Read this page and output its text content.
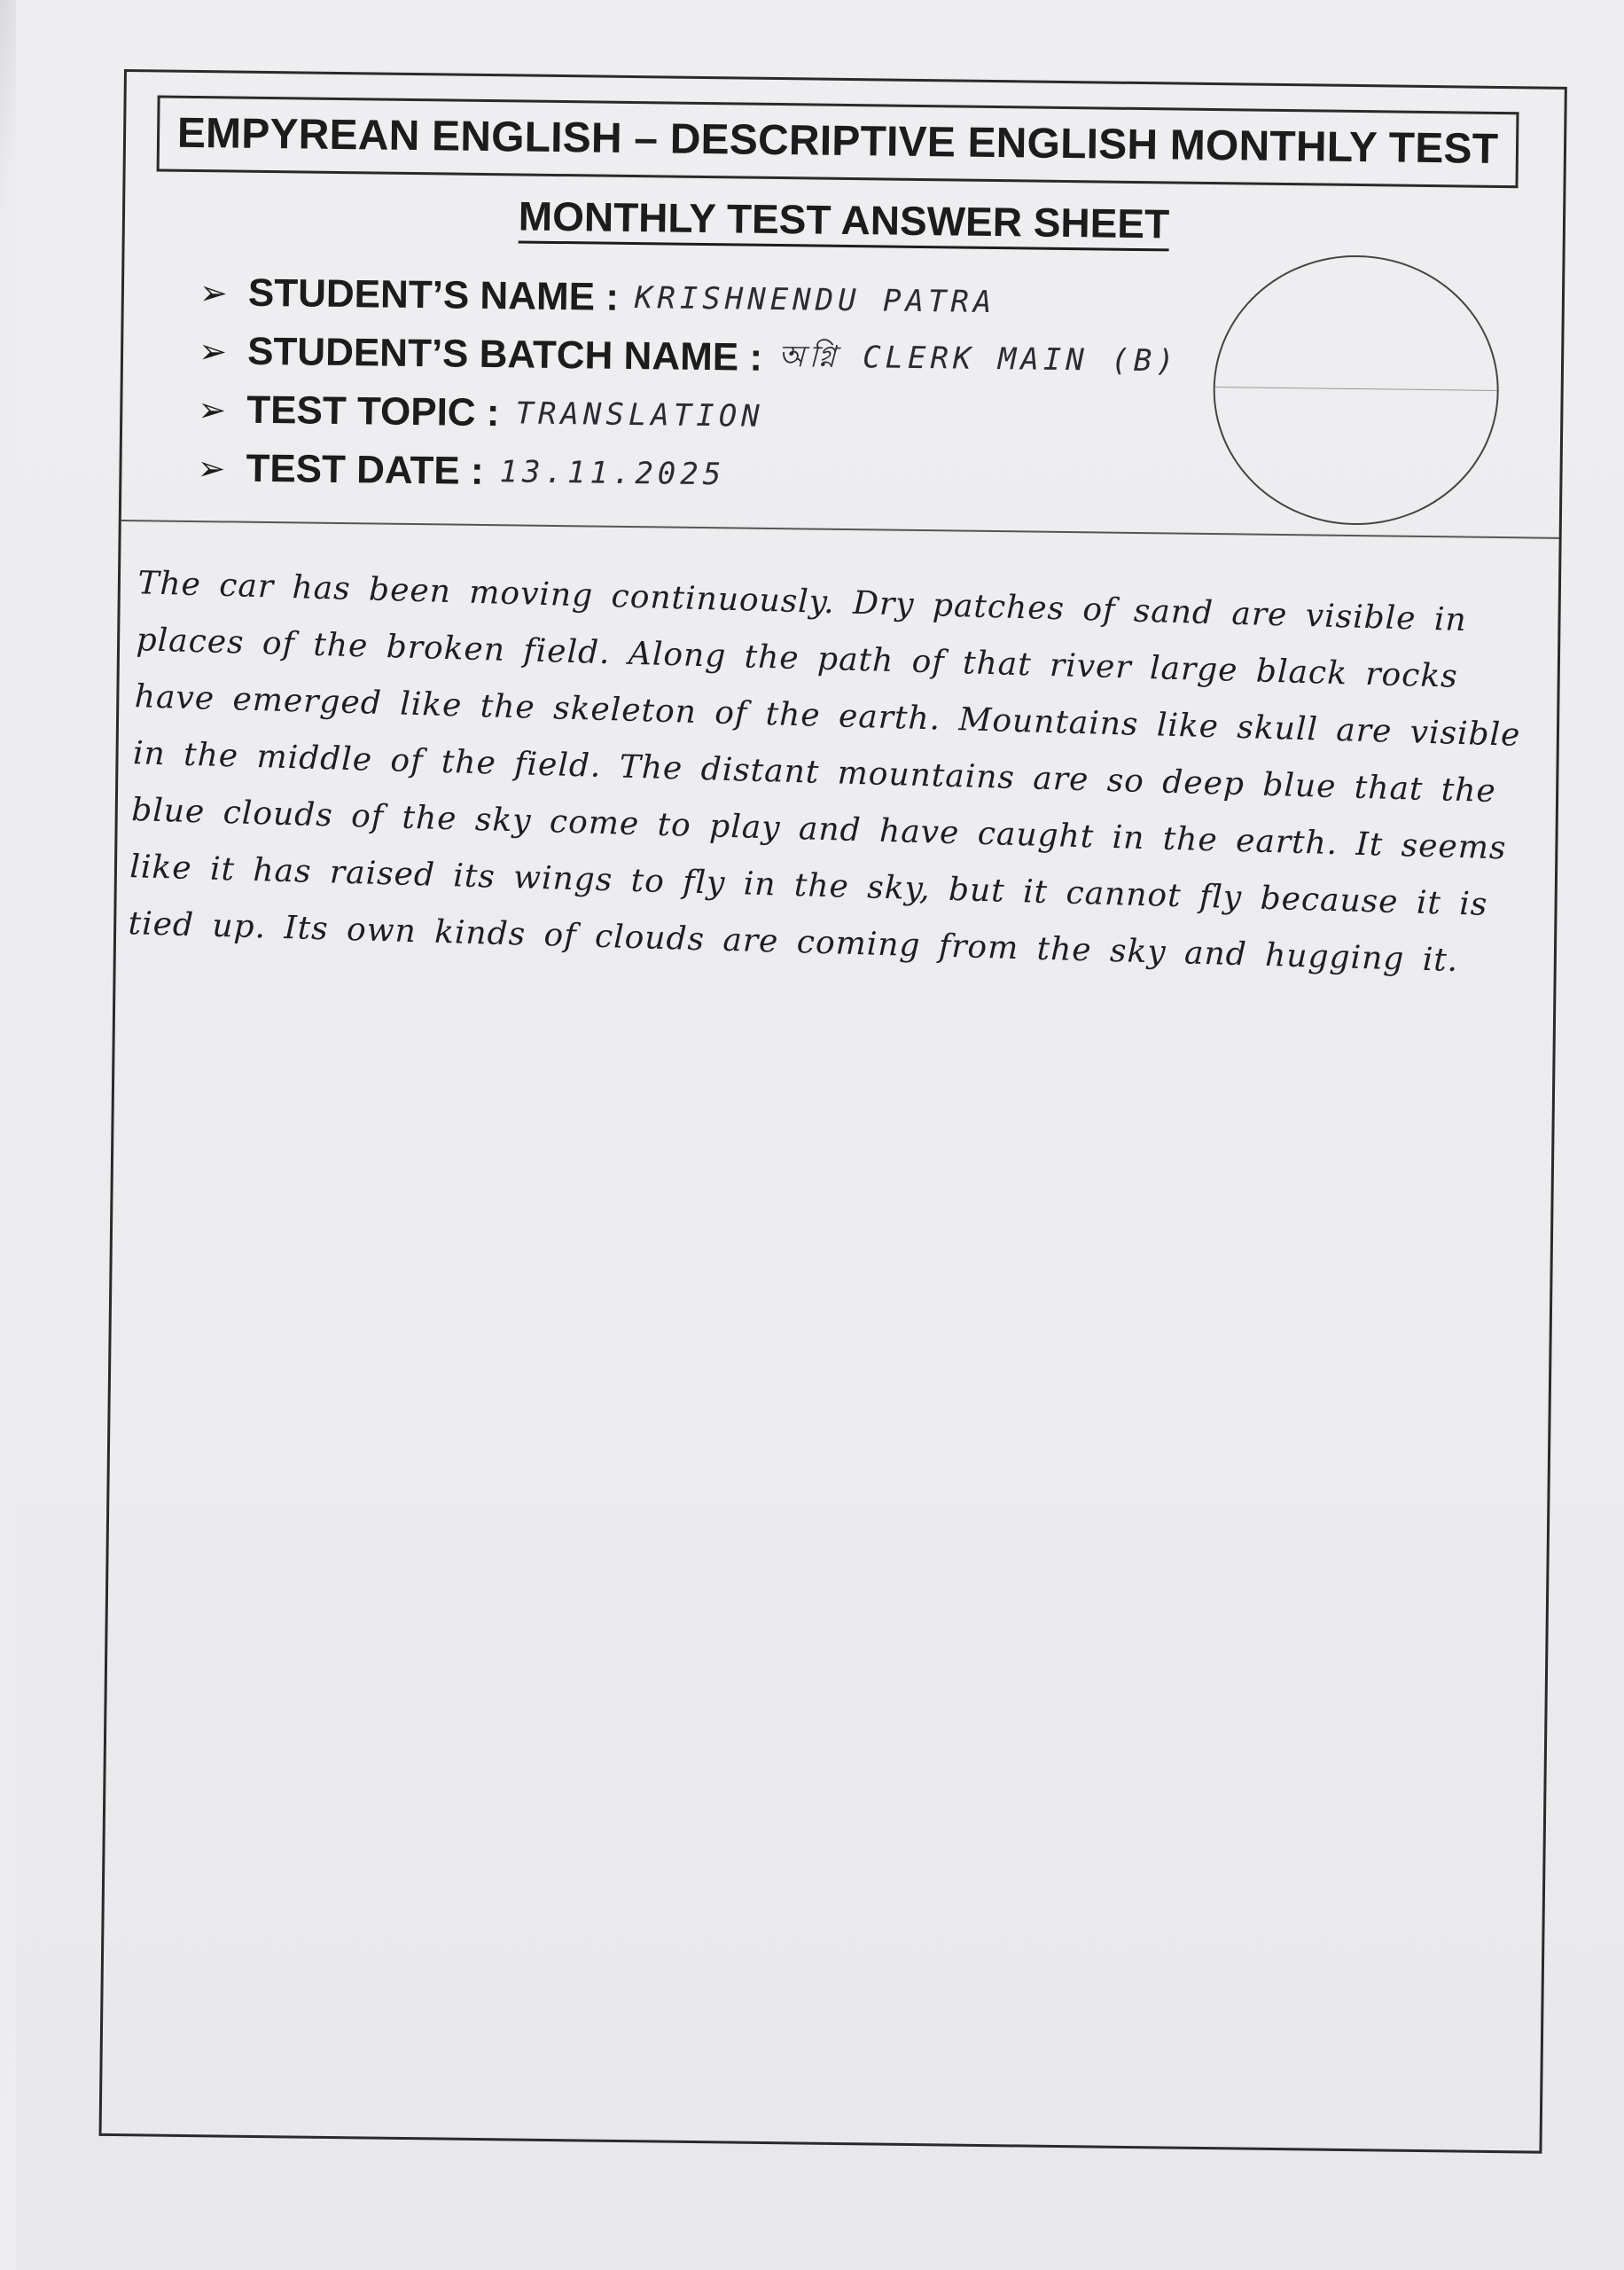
EMPYREAN ENGLISH – DESCRIPTIVE ENGLISH MONTHLY TEST
MONTHLY TEST ANSWER SHEET
➢ STUDENT’S NAME : KRISHNENDU PATRA
➢ STUDENT’S BATCH NAME : অগ্নি CLERK MAIN (B)
➢ TEST TOPIC : TRANSLATION
➢ TEST DATE : 13.11.2025

The car has been moving continuously. Dry patches of sand are visible in places of the broken field. Along the path of that river large black rocks have emerged like the skeleton of the earth. Mountains like skull are visible in the middle of the field. The distant mountains are so deep blue that the blue clouds of the sky come to play and have caught in the earth. It seems like it has raised its wings to fly in the sky, but it cannot fly because it is tied up. Its own kinds of clouds are coming from the sky and hugging it.
